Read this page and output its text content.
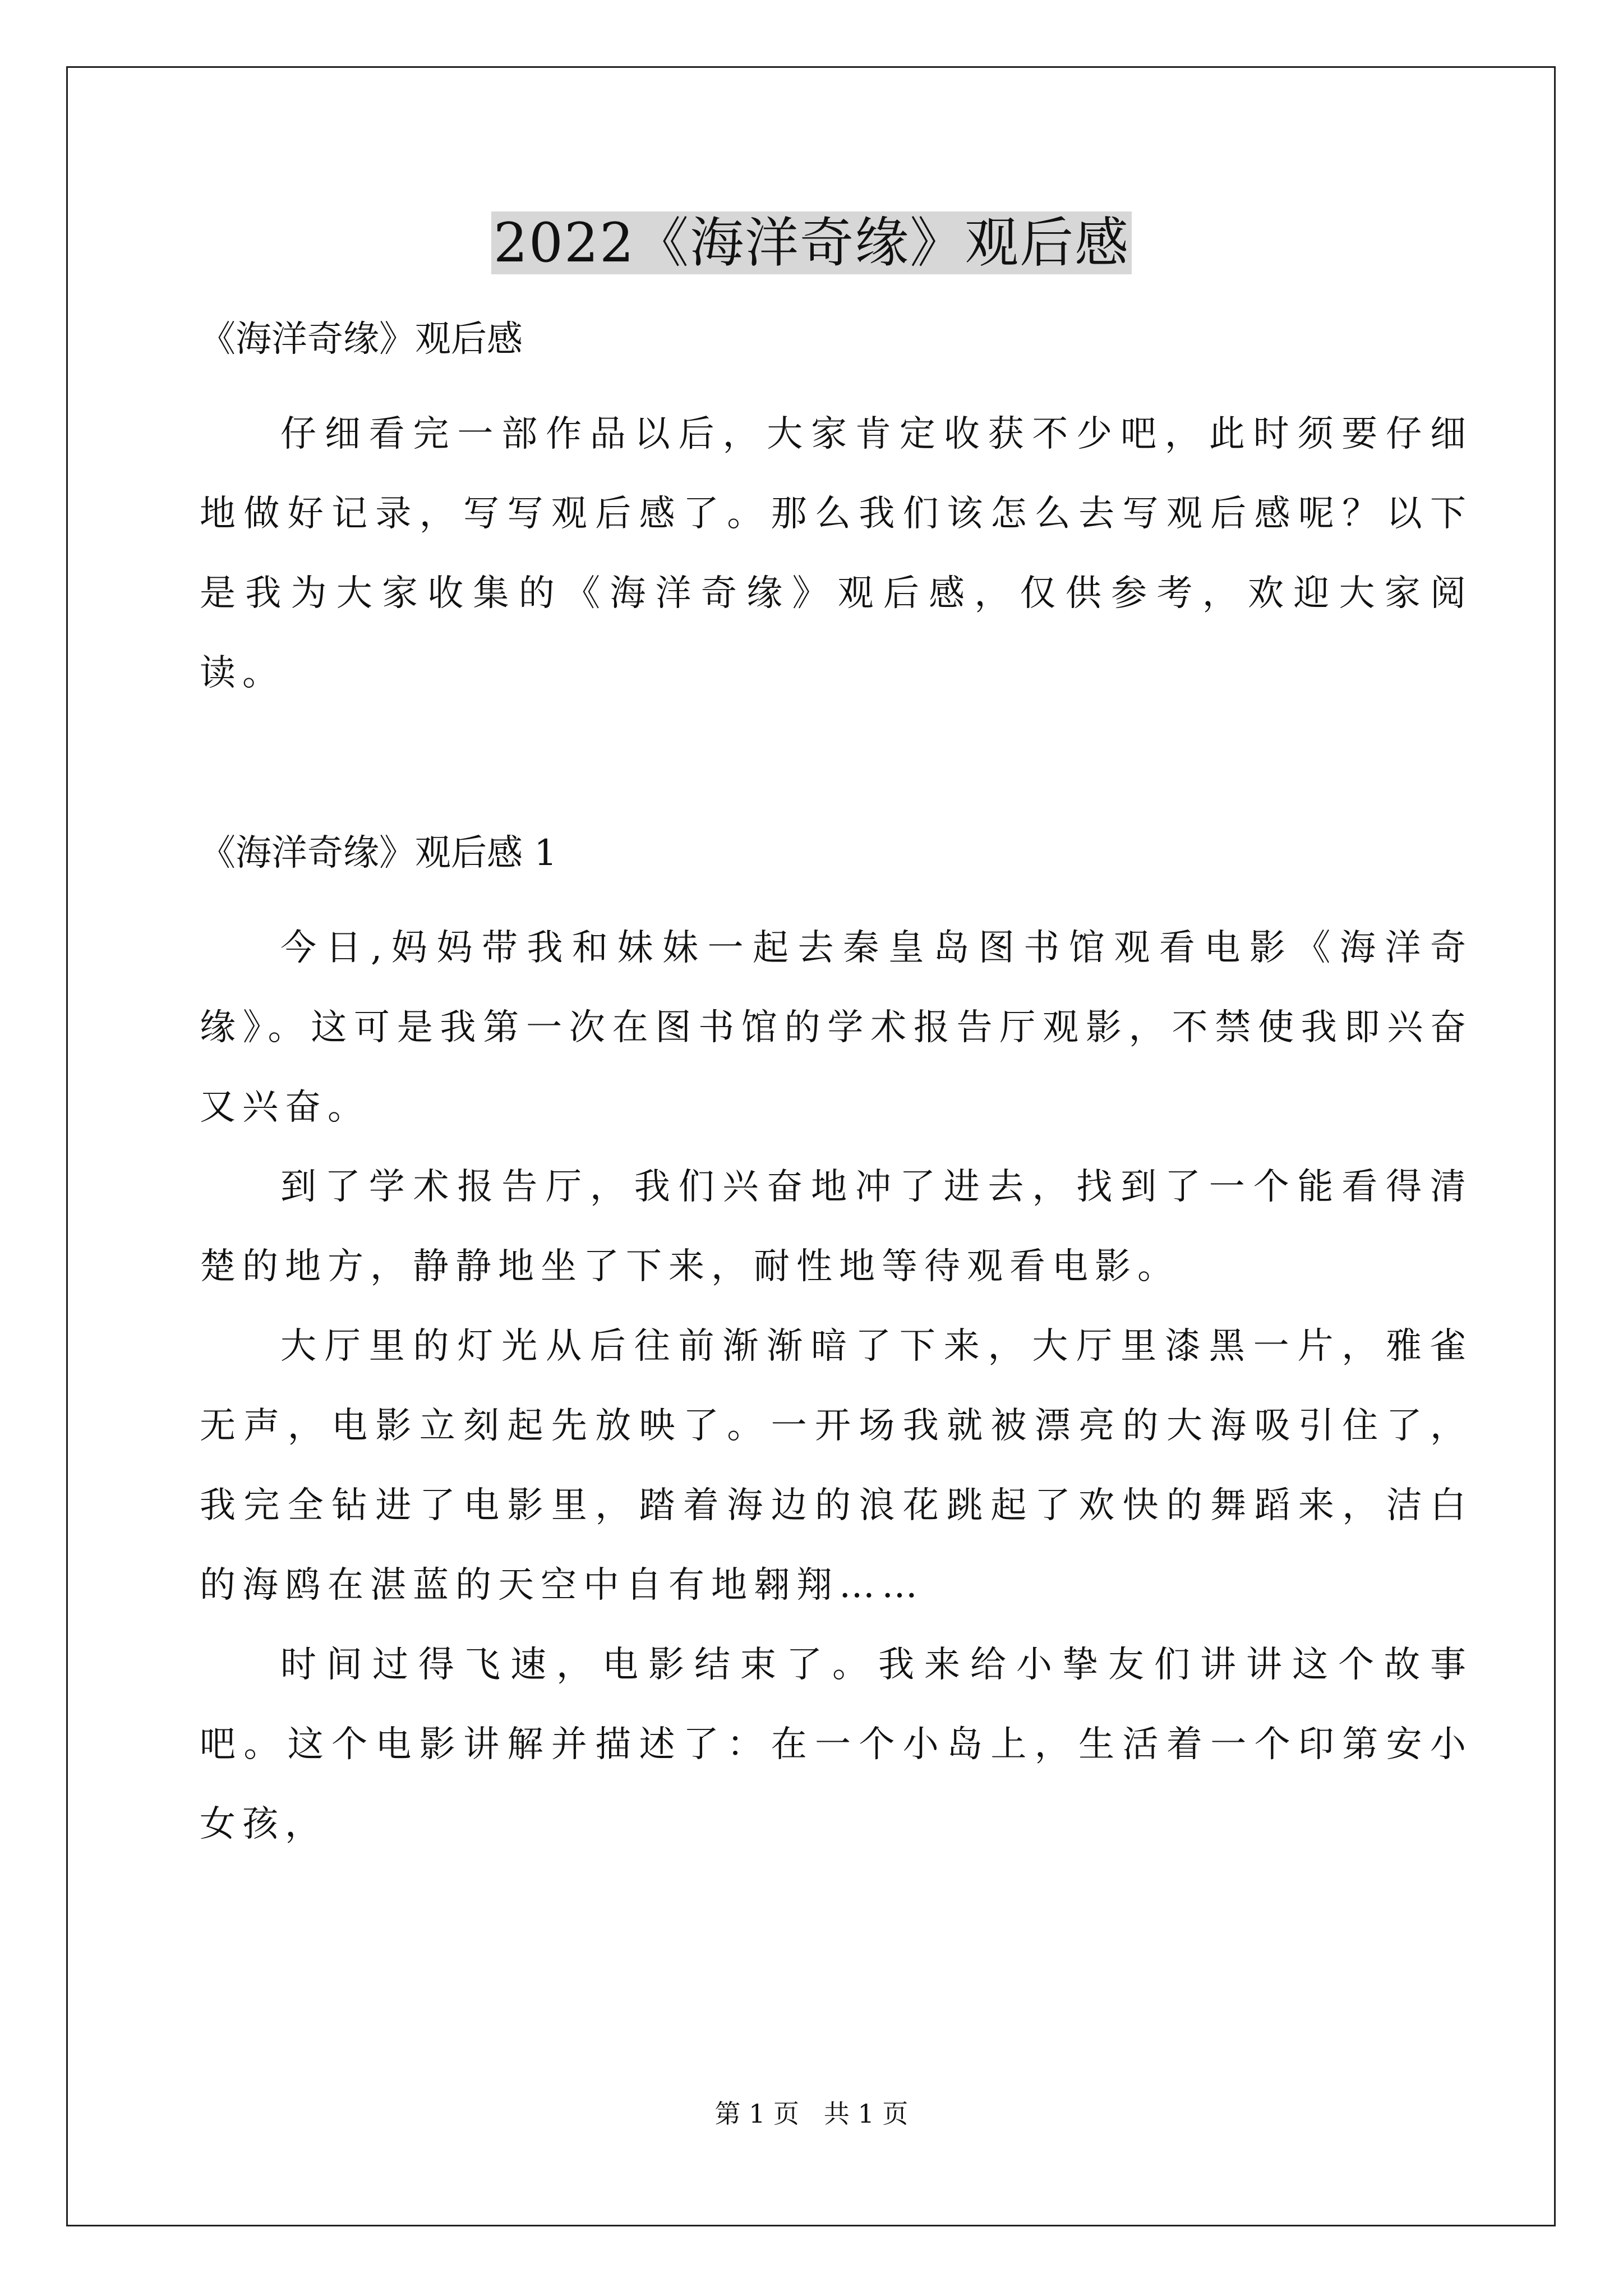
2022《海洋奇缘》观后感

《海洋奇缘》观后感

仔细看完一部作品以后，大家肯定收获不少吧，此时须要仔细地做好记录，写写观后感了。那么我们该怎么去写观后感呢？以下是我为大家收集的《海洋奇缘》观后感，仅供参考，欢迎大家阅读。

《海洋奇缘》观后感 1

今日,妈妈带我和妹妹一起去秦皇岛图书馆观看电影《海洋奇缘》。这可是我第一次在图书馆的学术报告厅观影，不禁使我即兴奋又兴奋。

到了学术报告厅，我们兴奋地冲了进去，找到了一个能看得清楚的地方，静静地坐了下来，耐性地等待观看电影。

大厅里的灯光从后往前渐渐暗了下来，大厅里漆黑一片，雅雀无声，电影立刻起先放映了。一开场我就被漂亮的大海吸引住了，我完全钻进了电影里，踏着海边的浪花跳起了欢快的舞蹈来，洁白的海鸥在湛蓝的天空中自有地翱翔……

时间过得飞速，电影结束了。我来给小挚友们讲讲这个故事吧。这个电影讲解并描述了：在一个小岛上，生活着一个印第安小女孩，

第 1 页   共 1 页
